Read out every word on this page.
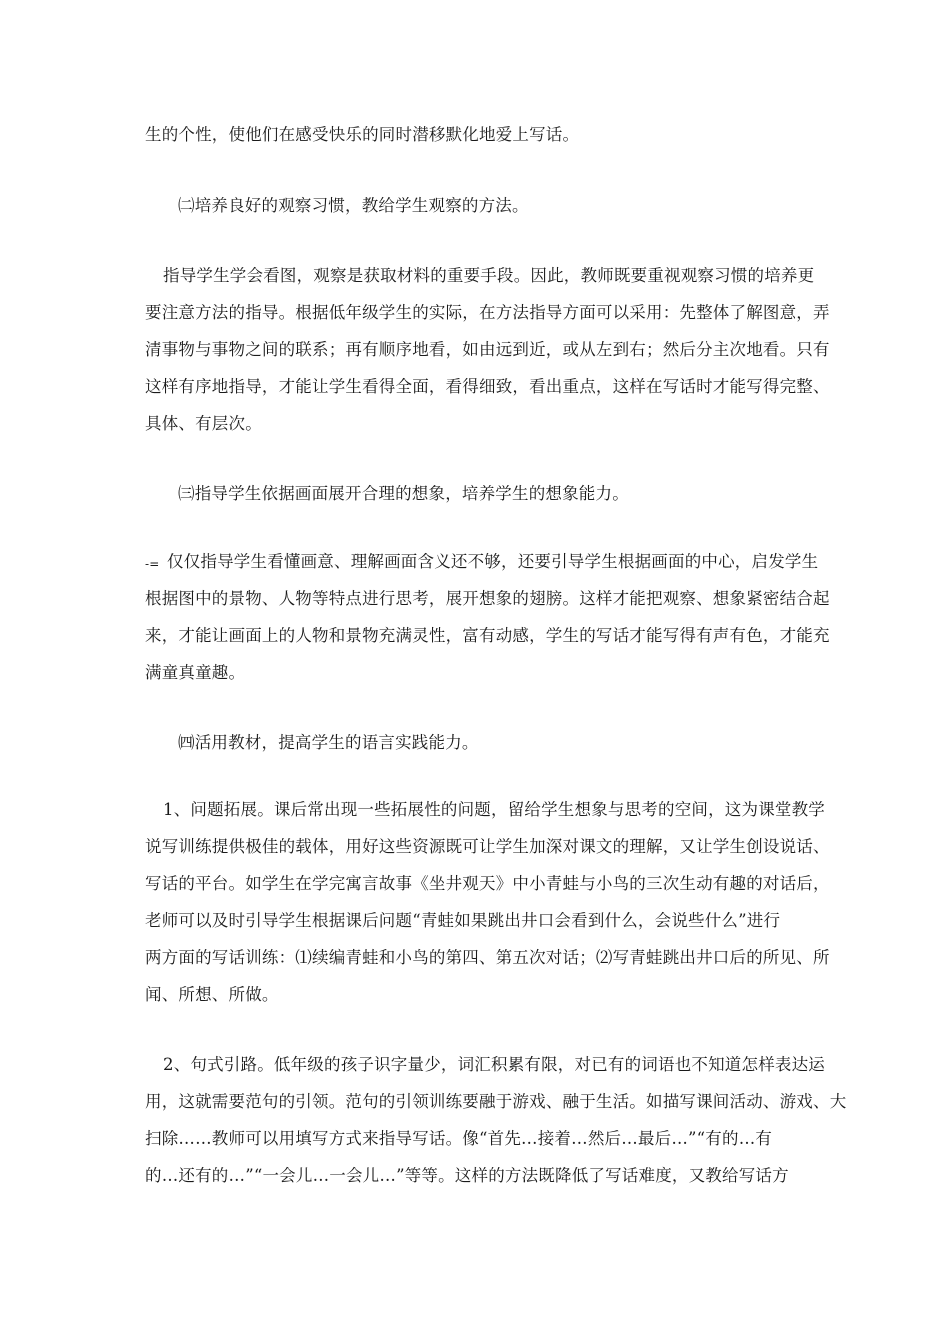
生的个性，使他们在感受快乐的同时潜移默化地爱上写话。
㈡培养良好的观察习惯，教给学生观察的方法。
指导学生学会看图，观察是获取材料的重要手段。因此，教师既要重视观察习惯的培养更
要注意方法的指导。根据低年级学生的实际，在方法指导方面可以采用：先整体了解图意，弄
清事物与事物之间的联系；再有顺序地看，如由远到近，或从左到右；然后分主次地看。只有
这样有序地指导，才能让学生看得全面，看得细致，看出重点，这样在写话时才能写得完整、
具体、有层次。
㈢指导学生依据画面展开合理的想象，培养学生的想象能力。
-= 仅仅指导学生看懂画意、理解画面含义还不够，还要引导学生根据画面的中心，启发学生
根据图中的景物、人物等特点进行思考，展开想象的翅膀。这样才能把观察、想象紧密结合起
来，才能让画面上的人物和景物充满灵性，富有动感，学生的写话才能写得有声有色，才能充
满童真童趣。
㈣活用教材，提高学生的语言实践能力。
1、问题拓展。课后常出现一些拓展性的问题，留给学生想象与思考的空间，这为课堂教学
说写训练提供极佳的载体，用好这些资源既可让学生加深对课文的理解，又让学生创设说话、
写话的平台。如学生在学完寓言故事《坐井观天》中小青蛙与小鸟的三次生动有趣的对话后，
老师可以及时引导学生根据课后问题“青蛙如果跳出井口会看到什么，会说些什么”进行
两方面的写话训练：⑴续编青蛙和小鸟的第四、第五次对话；⑵写青蛙跳出井口后的所见、所
闻、所想、所做。
2、句式引路。低年级的孩子识字量少，词汇积累有限，对已有的词语也不知道怎样表达运
用，这就需要范句的引领。范句的引领训练要融于游戏、融于生活。如描写课间活动、游戏、大
扫除……教师可以用填写方式来指导写话。像“首先…接着…然后…最后…”“有的…有
的…还有的…”“一会儿…一会儿…”等等。这样的方法既降低了写话难度，又教给写话方
